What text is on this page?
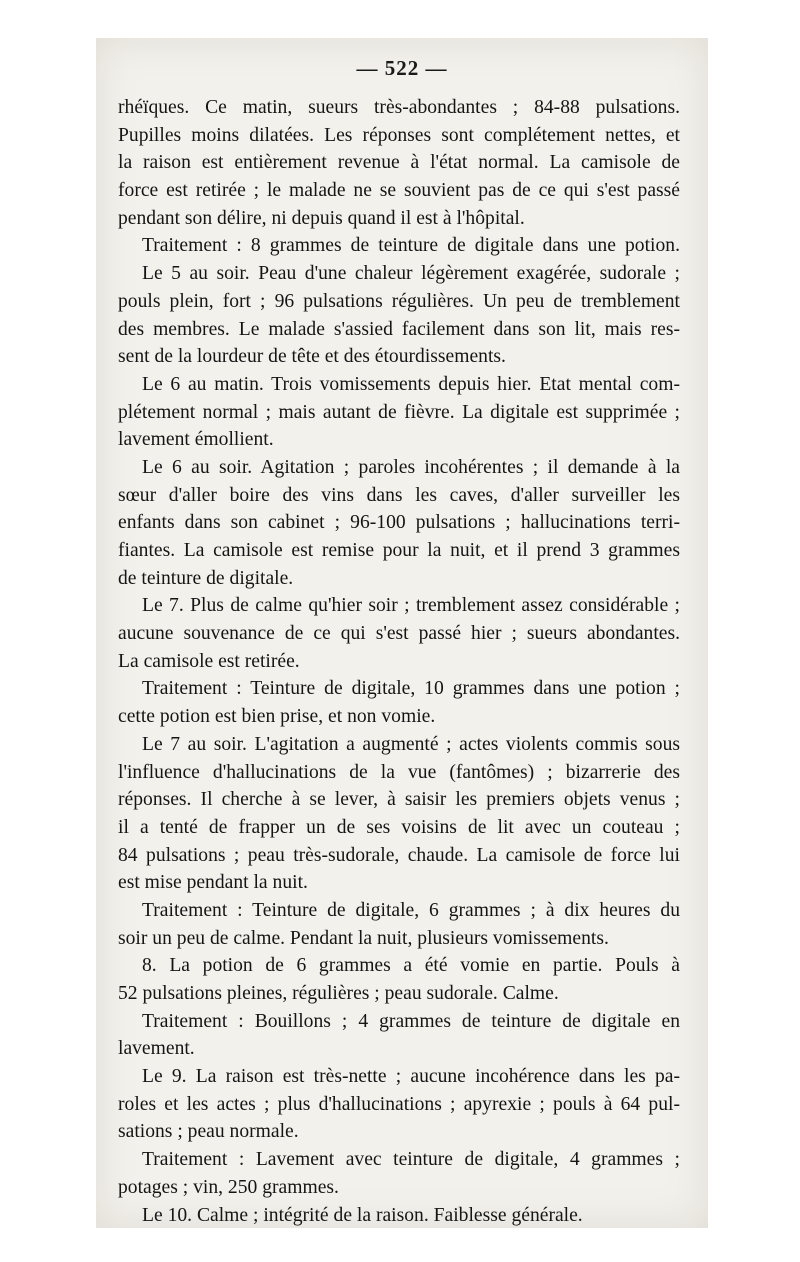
— 522 —
rhéïques. Ce matin, sueurs très-abondantes ; 84-88 pulsations.
Pupilles moins dilatées. Les réponses sont complétement nettes, et
la raison est entièrement revenue à l'état normal. La camisole de
force est retirée ; le malade ne se souvient pas de ce qui s'est passé
pendant son délire, ni depuis quand il est à l'hôpital.
Traitement : 8 grammes de teinture de digitale dans une potion.
Le 5 au soir. Peau d'une chaleur légèrement exagérée, sudorale ;
pouls plein, fort ; 96 pulsations régulières. Un peu de tremblement
des membres. Le malade s'assied facilement dans son lit, mais res-
sent de la lourdeur de tête et des étourdissements.
Le 6 au matin. Trois vomissements depuis hier. Etat mental com-
plétement normal ; mais autant de fièvre. La digitale est supprimée ;
lavement émollient.
Le 6 au soir. Agitation ; paroles incohérentes ; il demande à la
sœur d'aller boire des vins dans les caves, d'aller surveiller les
enfants dans son cabinet ; 96-100 pulsations ; hallucinations terri-
fiantes. La camisole est remise pour la nuit, et il prend 3 grammes
de teinture de digitale.
Le 7. Plus de calme qu'hier soir ; tremblement assez considérable ;
aucune souvenance de ce qui s'est passé hier ; sueurs abondantes.
La camisole est retirée.
Traitement : Teinture de digitale, 10 grammes dans une potion ;
cette potion est bien prise, et non vomie.
Le 7 au soir. L'agitation a augmenté ; actes violents commis sous
l'influence d'hallucinations de la vue (fantômes) ; bizarrerie des
réponses. Il cherche à se lever, à saisir les premiers objets venus ;
il a tenté de frapper un de ses voisins de lit avec un couteau ;
84 pulsations ; peau très-sudorale, chaude. La camisole de force lui
est mise pendant la nuit.
Traitement : Teinture de digitale, 6 grammes ; à dix heures du
soir un peu de calme. Pendant la nuit, plusieurs vomissements.
8. La potion de 6 grammes a été vomie en partie. Pouls à
52 pulsations pleines, régulières ; peau sudorale. Calme.
Traitement : Bouillons ; 4 grammes de teinture de digitale en
lavement.
Le 9. La raison est très-nette ; aucune incohérence dans les pa-
roles et les actes ; plus d'hallucinations ; apyrexie ; pouls à 64 pul-
sations ; peau normale.
Traitement : Lavement avec teinture de digitale, 4 grammes ;
potages ; vin, 250 grammes.
Le 10. Calme ; intégrité de la raison. Faiblesse générale.
